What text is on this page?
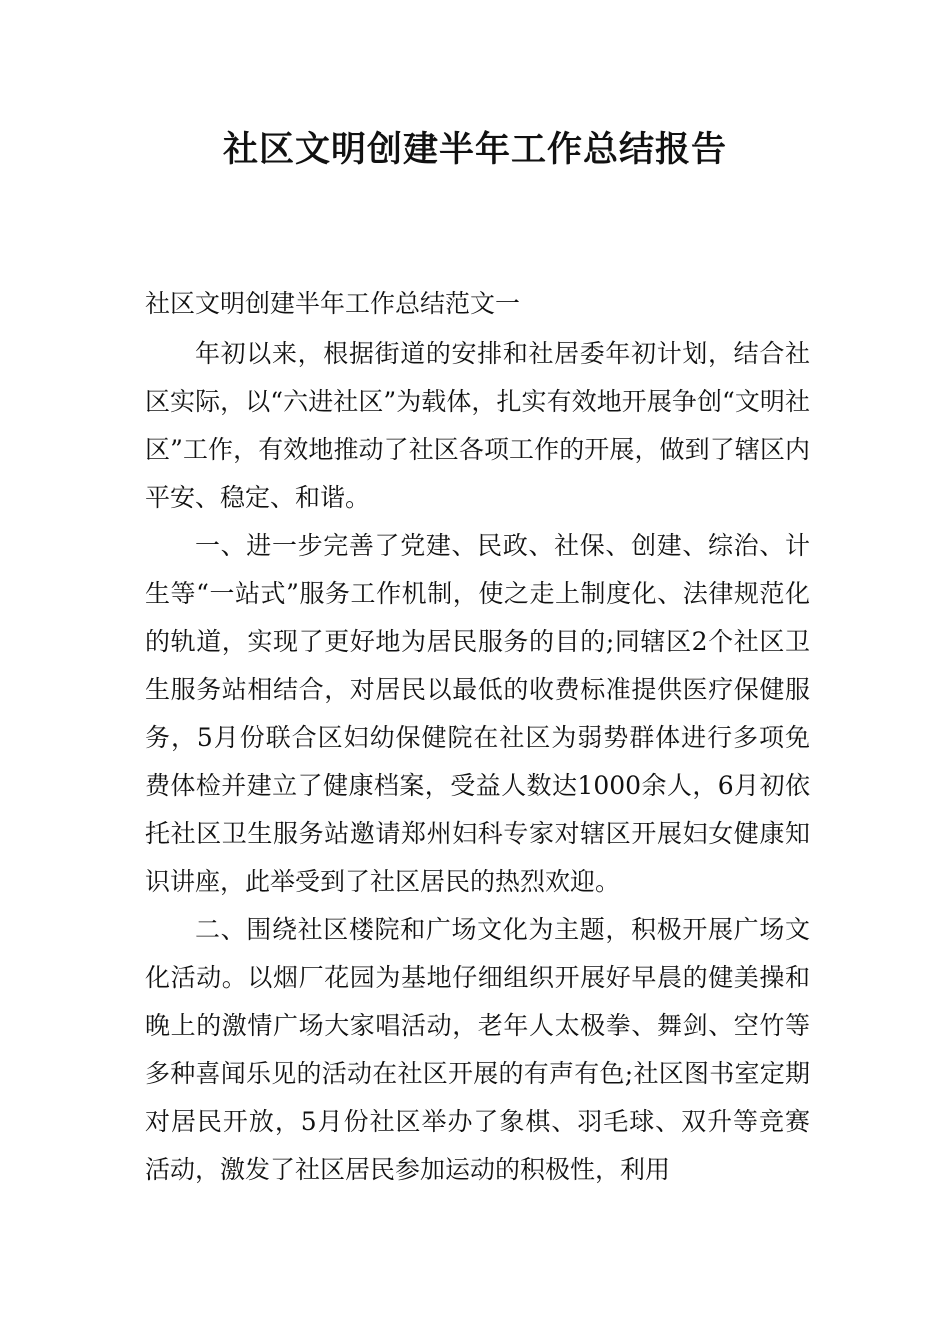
社区文明创建半年工作总结报告

社区文明创建半年工作总结范文一

年初以来，根据街道的安排和社居委年初计划，结合社区实际，以“六进社区”为载体，扎实有效地开展争创“文明社区”工作，有效地推动了社区各项工作的开展，做到了辖区内平安、稳定、和谐。

一、进一步完善了党建、民政、社保、创建、综治、计生等“一站式”服务工作机制，使之走上制度化、法律规范化的轨道，实现了更好地为居民服务的目的;同辖区2个社区卫生服务站相结合，对居民以最低的收费标准提供医疗保健服务，5月份联合区妇幼保健院在社区为弱势群体进行多项免费体检并建立了健康档案，受益人数达1000余人，6月初依托社区卫生服务站邀请郑州妇科专家对辖区开展妇女健康知识讲座，此举受到了社区居民的热烈欢迎。

二、围绕社区楼院和广场文化为主题，积极开展广场文化活动。以烟厂花园为基地仔细组织开展好早晨的健美操和晚上的激情广场大家唱活动，老年人太极拳、舞剑、空竹等多种喜闻乐见的活动在社区开展的有声有色;社区图书室定期对居民开放，5月份社区举办了象棋、羽毛球、双升等竞赛活动，激发了社区居民参加运动的积极性，利用
